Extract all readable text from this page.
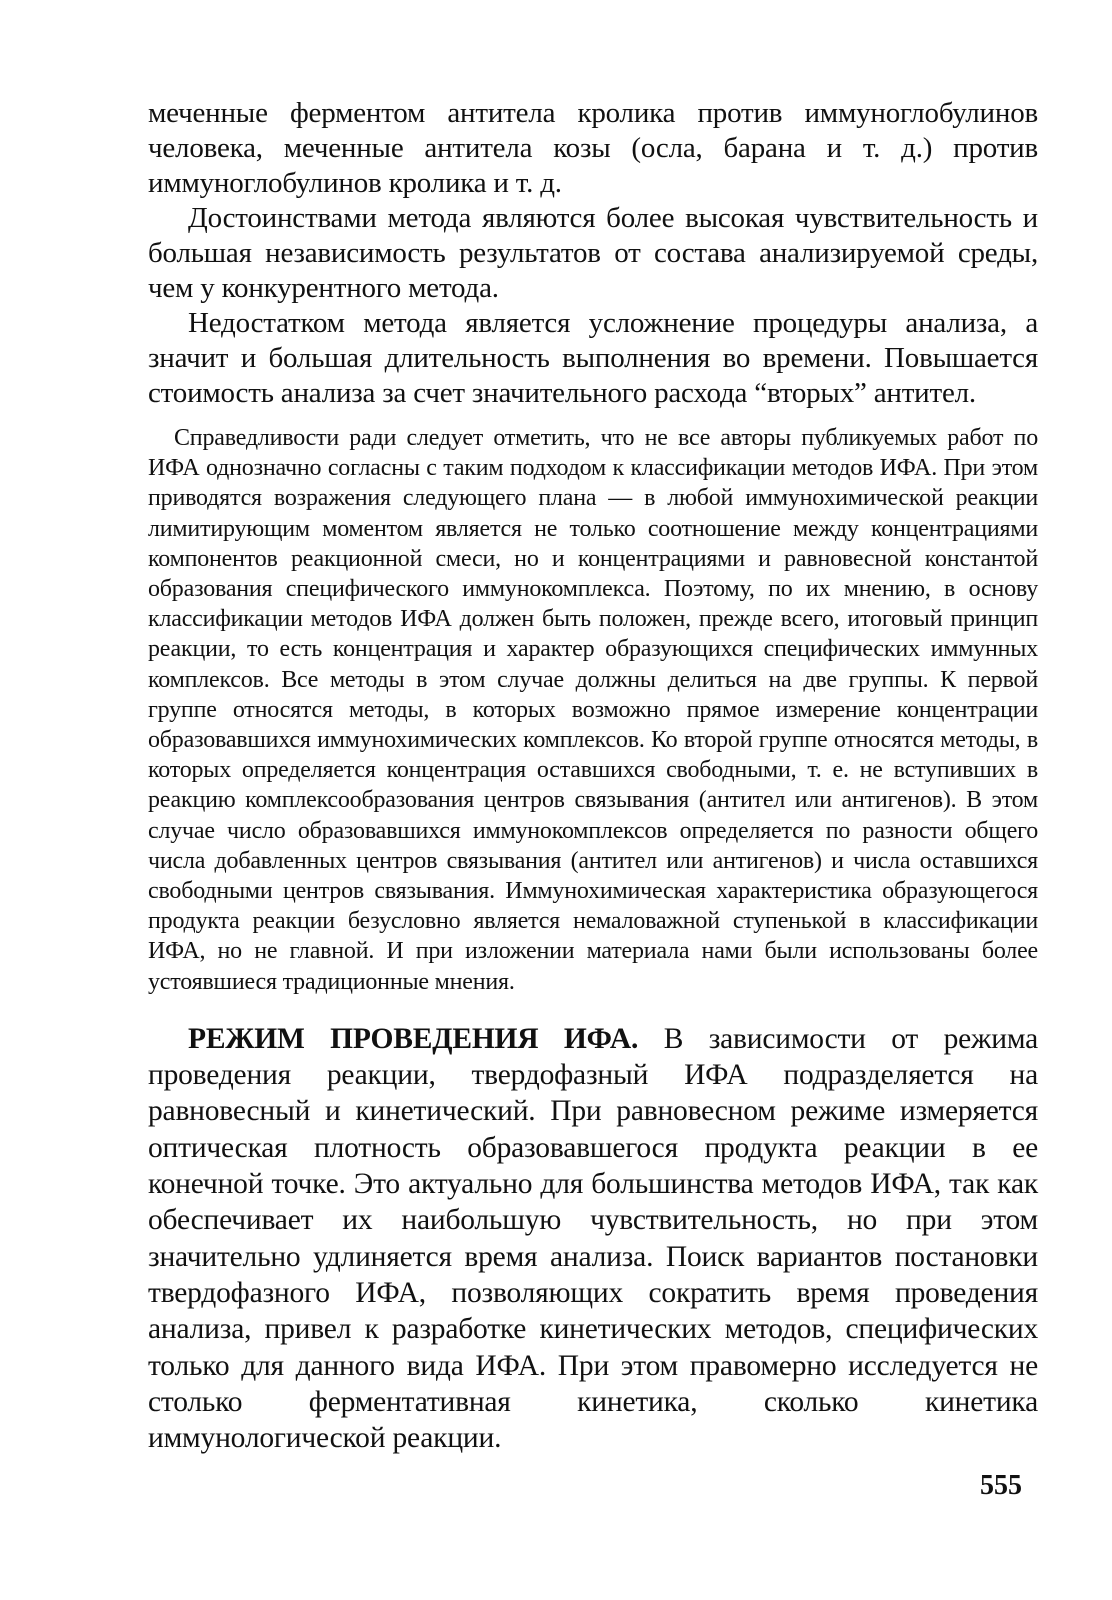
меченные ферментом антитела кролика против иммуноглобулинов человека, меченные антитела козы (осла, барана и т. д.) против иммуноглобулинов кролика и т. д.

Достоинствами метода являются более высокая чувствительность и большая независимость результатов от состава анализируемой среды, чем у конкурентного метода.

Недостатком метода является усложнение процедуры анализа, а значит и большая длительность выполнения во времени. Повышается стоимость анализа за счет значительного расхода “вторых” антител.

Справедливости ради следует отметить, что не все авторы публикуемых работ по ИФА однозначно согласны с таким подходом к классификации методов ИФА. При этом приводятся возражения следующего плана — в любой иммунохимической реакции лимитирующим моментом является не только соотношение между концентрациями компонентов реакционной смеси, но и концентрациями и равновесной константой образования специфического иммунокомплекса. Поэтому, по их мнению, в основу классификации методов ИФА должен быть положен, прежде всего, итоговый принцип реакции, то есть концентрация и характер образующихся специфических иммунных комплексов. Все методы в этом случае должны делиться на две группы. К первой группе относятся методы, в которых возможно прямое измерение концентрации образовавшихся иммунохимических комплексов. Ко второй группе относятся методы, в которых определяется концентрация оставшихся свободными, т. е. не вступивших в реакцию комплексообразования центров связывания (антител или антигенов). В этом случае число образовавшихся иммунокомплексов определяется по разности общего числа добавленных центров связывания (антител или антигенов) и числа оставшихся свободными центров связывания. Иммунохимическая характеристика образующегося продукта реакции безусловно является немаловажной ступенькой в классификации ИФА, но не главной. И при изложении материала нами были использованы более устоявшиеся традиционные мнения.

РЕЖИМ ПРОВЕДЕНИЯ ИФА. В зависимости от режима проведения реакции, твердофазный ИФА подразделяется на равновесный и кинетический. При равновесном режиме измеряется оптическая плотность образовавшегося продукта реакции в ее конечной точке. Это актуально для большинства методов ИФА, так как обеспечивает их наибольшую чувствительность, но при этом значительно удлиняется время анализа. Поиск вариантов постановки твердофазного ИФА, позволяющих сократить время проведения анализа, привел к разработке кинетических методов, специфических только для данного вида ИФА. При этом правомерно исследуется не столько ферментативная кинетика, сколько кинетика иммунологической реакции.

555
